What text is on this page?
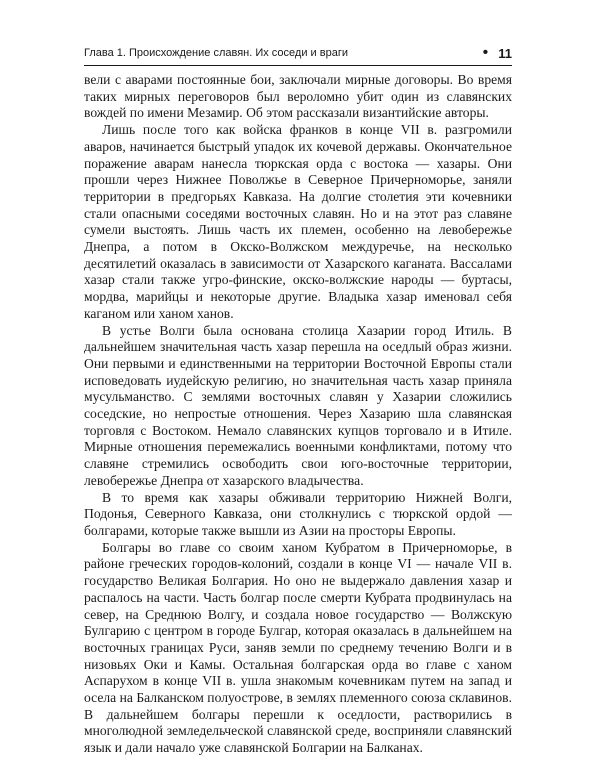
Глава 1. Происхождение славян. Их соседи и враги	• 11

вели с аварами постоянные бои, заключали мирные договоры. Во время таких мирных переговоров был вероломно убит один из славянских вождей по имени Мезамир. Об этом рассказали византийские авторы.

Лишь после того как войска франков в конце VII в. разгромили аваров, начинается быстрый упадок их кочевой державы. Окончательное поражение аварам нанесла тюркская орда с востока — хазары. Они прошли через Нижнее Поволжье в Северное Причерноморье, заняли территории в предгорьях Кавказа. На долгие столетия эти кочевники стали опасными соседями восточных славян. Но и на этот раз славяне сумели выстоять. Лишь часть их племен, особенно на левобережье Днепра, а потом в Окско-Волжском междуречье, на несколько десятилетий оказалась в зависимости от Хазарского каганата. Вассалами хазар стали также угро-финские, окско-волжские народы — буртасы, мордва, марийцы и некоторые другие. Владыка хазар именовал себя каганом или ханом ханов.

В устье Волги была основана столица Хазарии город Итиль. В дальнейшем значительная часть хазар перешла на оседлый образ жизни. Они первыми и единственными на территории Восточной Европы стали исповедовать иудейскую религию, но значительная часть хазар приняла мусульманство. С землями восточных славян у Хазарии сложились соседские, но непростые отношения. Через Хазарию шла славянская торговля с Востоком. Немало славянских купцов торговало и в Итиле. Мирные отношения перемежались военными конфликтами, потому что славяне стремились освободить свои юго-восточные территории, левобережье Днепра от хазарского владычества.

В то время как хазары обживали территорию Нижней Волги, Подонья, Северного Кавказа, они столкнулись с тюркской ордой — болгарами, которые также вышли из Азии на просторы Европы.

Болгары во главе со своим ханом Кубратом в Причерноморье, в районе греческих городов-колоний, создали в конце VI — начале VII в. государство Великая Болгария. Но оно не выдержало давления хазар и распалось на части. Часть болгар после смерти Кубрата продвинулась на север, на Среднюю Волгу, и создала новое государство — Волжскую Булгарию с центром в городе Булгар, которая оказалась в дальнейшем на восточных границах Руси, заняв земли по среднему течению Волги и в низовьях Оки и Камы. Остальная болгарская орда во главе с ханом Аспарухом в конце VII в. ушла знакомым кочевникам путем на запад и осела на Балканском полуострове, в землях племенного союза склавинов. В дальнейшем болгары перешли к оседлости, растворились в многолюдной земледельческой славянской среде, восприняли славянский язык и дали начало уже славянской Болгарии на Балканах.
